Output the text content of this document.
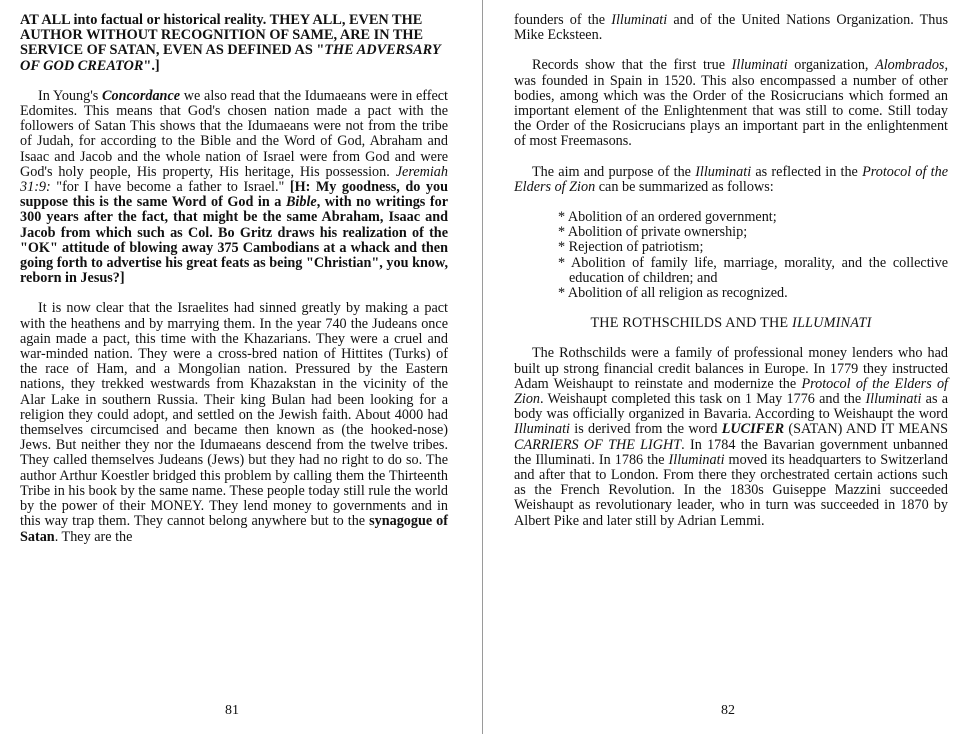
AT ALL into factual or historical reality. THEY ALL, EVEN THE AUTHOR WITHOUT RECOGNITION OF SAME, ARE IN THE SERVICE OF SATAN, EVEN AS DEFINED AS "THE ADVERSARY OF GOD CREATOR".]

In Young's Concordance we also read that the Idumaeans were in effect Edomites. This means that God's chosen nation made a pact with the followers of Satan This shows that the Idumaeans were not from the tribe of Judah, for according to the Bible and the Word of God, Abraham and Isaac and Jacob and the whole nation of Israel were from God and were God's holy people, His property, His heritage, His possession. Jeremiah 31:9: "for I have become a father to Israel." [H: My goodness, do you suppose this is the same Word of God in a Bible, with no writings for 300 years after the fact, that might be the same Abraham, Isaac and Jacob from which such as Col. Bo Gritz draws his realization of the "OK" attitude of blowing away 375 Cambodians at a whack and then going forth to advertise his great feats as being "Christian", you know, reborn in Jesus?]

It is now clear that the Israelites had sinned greatly by making a pact with the heathens and by marrying them. In the year 740 the Judeans once again made a pact, this time with the Khazarians. They were a cruel and war-minded nation. They were a cross-bred nation of Hittites (Turks) of the race of Ham, and a Mongolian nation. Pressured by the Eastern nations, they trekked westwards from Khazakstan in the vicinity of the Alar Lake in southern Russia. Their king Bulan had been looking for a religion they could adopt, and settled on the Jewish faith. About 4000 had themselves circumcised and became then known as (the hooked-nose) Jews. But neither they nor the Idumaeans descend from the twelve tribes. They called themselves Judeans (Jews) but they had no right to do so. The author Arthur Koestler bridged this problem by calling them the Thirteenth Tribe in his book by the same name. These people today still rule the world by the power of their MONEY. They lend money to governments and in this way trap them. They cannot belong anywhere but to the synagogue of Satan. They are the

81

founders of the Illuminati and of the United Nations Organization. Thus Mike Ecksteen.

Records show that the first true Illuminati organization, Alombrados, was founded in Spain in 1520. This also encompassed a number of other bodies, among which was the Order of the Rosicrucians which formed an important element of the Enlightenment that was still to come. Still today the Order of the Rosicrucians plays an important part in the enlightenment of most Freemasons.

The aim and purpose of the Illuminati as reflected in the Protocol of the Elders of Zion can be summarized as follows:

* Abolition of an ordered government;
* Abolition of private ownership;
* Rejection of patriotism;
* Abolition of family life, marriage, morality, and the collective education of children; and
* Abolition of all religion as recognized.

THE ROTHSCHILDS AND THE ILLUMINATI

The Rothschilds were a family of professional money lenders who had built up strong financial credit balances in Europe. In 1779 they instructed Adam Weishaupt to reinstate and modernize the Protocol of the Elders of Zion. Weishaupt completed this task on 1 May 1776 and the Illuminati as a body was officially organized in Bavaria. According to Weishaupt the word Illuminati is derived from the word LUCIFER (SATAN) AND IT MEANS CARRIERS OF THE LIGHT. In 1784 the Bavarian government unbanned the Illuminati. In 1786 the Illuminati moved its headquarters to Switzerland and after that to London. From there they orchestrated certain actions such as the French Revolution. In the 1830s Guiseppe Mazzini succeeded Weishaupt as revolutionary leader, who in turn was succeeded in 1870 by Albert Pike and later still by Adrian Lemmi.

82
